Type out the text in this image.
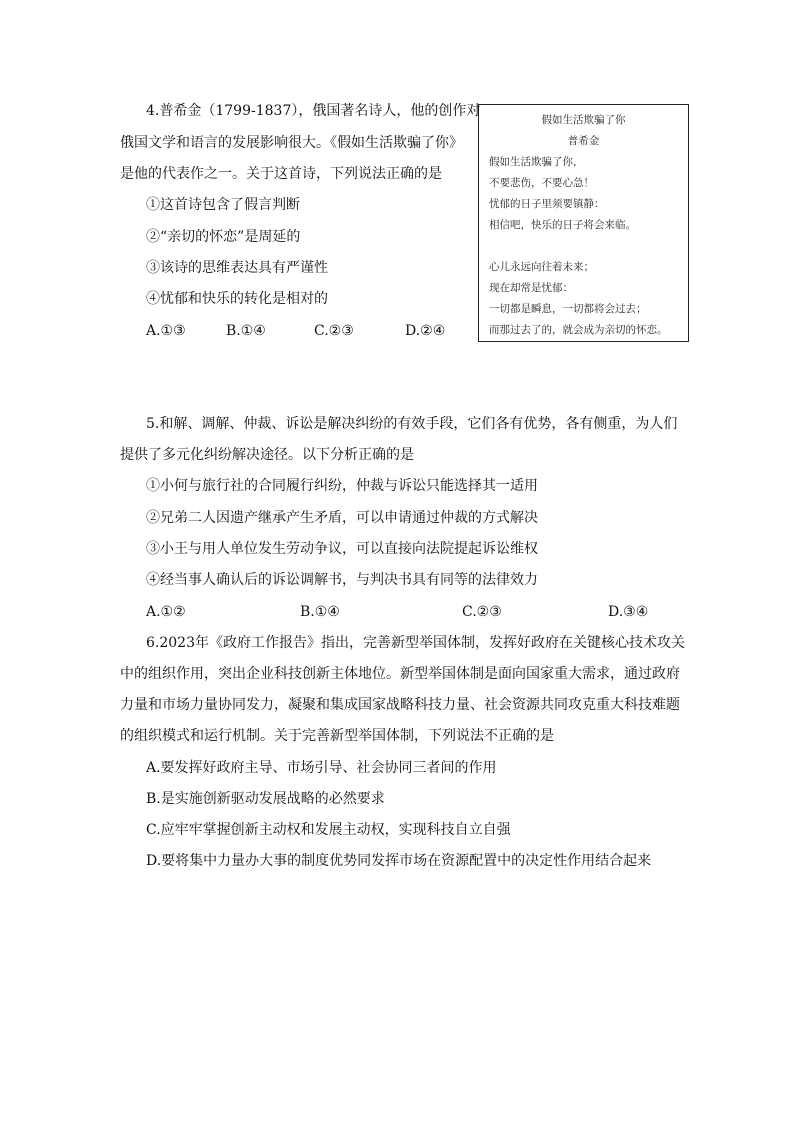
4.普希金（1799-1837），俄国著名诗人，他的创作对
俄国文学和语言的发展影响很大。《假如生活欺骗了你》
是他的代表作之一。关于这首诗，下列说法正确的是
①这首诗包含了假言判断
②“亲切的怀恋”是周延的
③该诗的思维表达具有严谨性
④忧郁和快乐的转化是相对的
A.①③	B.①④	C.②③	D.②④
假如生活欺骗了你
普希金
假如生活欺骗了你，
不要悲伤，不要心急！
忧郁的日子里须要镇静：
相信吧，快乐的日子将会来临。
心儿永远向往着未来；
现在却常是忧郁：
一切都是瞬息，一切都将会过去；
而那过去了的，就会成为亲切的怀恋。
5.和解、调解、仲裁、诉讼是解决纠纷的有效手段，它们各有优势，各有侧重，为人们
提供了多元化纠纷解决途径。以下分析正确的是
①小何与旅行社的合同履行纠纷，仲裁与诉讼只能选择其一适用
②兄弟二人因遗产继承产生矛盾，可以申请通过仲裁的方式解决
③小王与用人单位发生劳动争议，可以直接向法院提起诉讼维权
④经当事人确认后的诉讼调解书，与判决书具有同等的法律效力
A.①②	B.①④	C.②③	D.③④
6.2023年《政府工作报告》指出，完善新型举国体制，发挥好政府在关键核心技术攻关
中的组织作用，突出企业科技创新主体地位。新型举国体制是面向国家重大需求，通过政府
力量和市场力量协同发力，凝聚和集成国家战略科技力量、社会资源共同攻克重大科技难题
的组织模式和运行机制。关于完善新型举国体制，下列说法不正确的是
A.要发挥好政府主导、市场引导、社会协同三者间的作用
B.是实施创新驱动发展战略的必然要求
C.应牢牢掌握创新主动权和发展主动权，实现科技自立自强
D.要将集中力量办大事的制度优势同发挥市场在资源配置中的决定性作用结合起来
